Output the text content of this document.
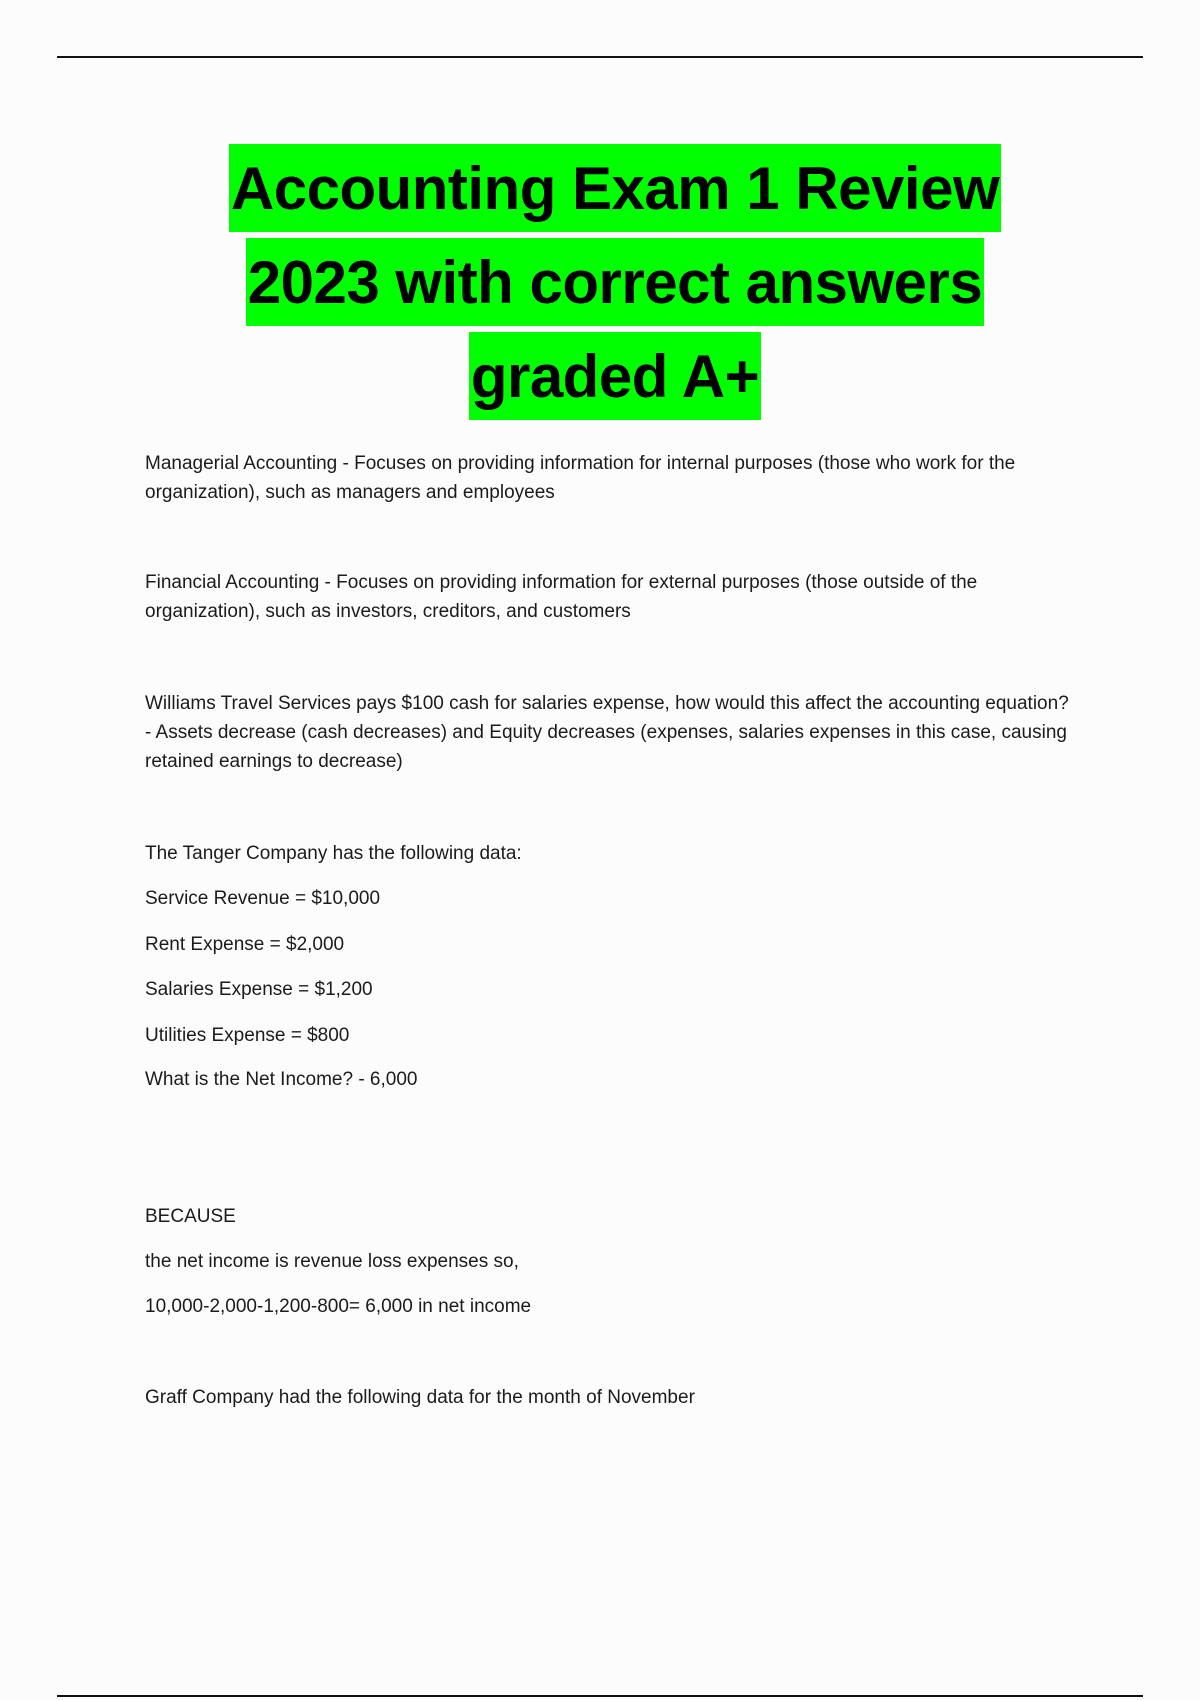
Accounting Exam 1 Review
2023 with correct answers
graded A+

Managerial Accounting - Focuses on providing information for internal purposes (those who work for the organization), such as managers and employees

Financial Accounting - Focuses on providing information for external purposes (those outside of the organization), such as investors, creditors, and customers

Williams Travel Services pays $100 cash for salaries expense, how would this affect the accounting equation? - Assets decrease (cash decreases) and Equity decreases (expenses, salaries expenses in this case, causing retained earnings to decrease)

The Tanger Company has the following data:

Service Revenue = $10,000

Rent Expense = $2,000

Salaries Expense = $1,200

Utilities Expense = $800

What is the Net Income? - 6,000

BECAUSE

the net income is revenue loss expenses so,

10,000-2,000-1,200-800= 6,000 in net income

Graff Company had the following data for the month of November
